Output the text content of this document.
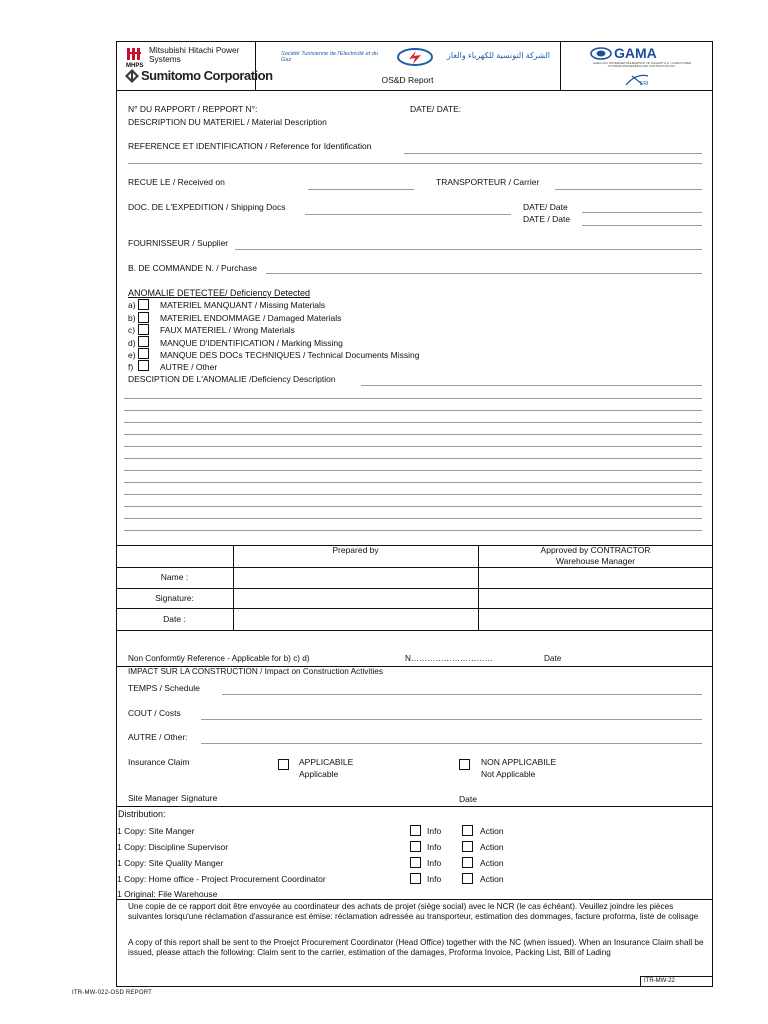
MHPS
Mitsubishi Hitachi Power Systems
Sumitomo Corporation
Société Tunisienne de l'Electricité et du Gaz
الشركة التونسية للكهرباء والغاز
OS&D Report
GAMA
GAMA GÜÇ SİSTEMLERİ MÜHENDİSLİK VE TAAHHÜT A.Ş. / GAMA POWER SYSTEMS ENGINEERING AND CONTRACTING INC.
ERI
N° DU RAPPORT / REPPORT N°:	DATE/ DATE:
DESCRIPTION DU MATERIEL / Material Description
REFERENCE ET IDENTIFICATION / Reference for Identification
RECUE LE / Received on	TRANSPORTEUR / Carrier
DOC. DE L'EXPEDITION / Shipping Docs	DATE/ Date
DATE / Date
FOURNISSEUR / Supplier
B. DE COMMANDE N. / Purchase
ANOMALIE DETECTEE/ Deficiency Detected
a)	MATERIEL MANQUANT / Missing Materials
b)	MATERIEL ENDOMMAGE / Damaged Materials
c)	FAUX MATERIEL / Wrong Materials
d)	MANQUE D'IDENTIFICATION / Marking Missing
e)	MANQUE DES DOCs TECHNIQUES / Technical Documents Missing
f)	AUTRE / Other
DESCIPTION DE L'ANOMALIE /Deficiency Description
Prepared by	Approved by CONTRACTOR
Warehouse Manager
Name :
Signature:
Date :
Non Conformtiy Reference - Applicable for b) c) d)	N…………………………	Date
IMPACT SUR LA CONSTRUCTION / Impact on Construction Activities
TEMPS / Schedule
COUT / Costs
AUTRE / Other:
Insurance Claim	APPLICABILE
Applicable
NON APPLICABILE
Not Applicable
Site Manager Signature	Date
Distribution:
1 Copy: Site Manger	Info	Action
1 Copy: Discipline Supervisor	Info	Action
1 Copy: Site Quality Manger	Info	Action
1 Copy: Home office - Project Procurement Coordinator	Info	Action
1 Original: File Warehouse
Une copie de ce rapport doit être envoyée au coordinateur des achats de projet (siège social) avec le NCR (le cas échéant). Veuillez joindre les pièces suivantes lorsqu'une réclamation d'assurance est émise: réclamation adressée au transporteur, estimation des dommages, facture proforma, liste de colisage
A copy of this report shall be sent to the Proejct Procurement Coordinator (Head Office) together with the NC (when issued). When an Insurance Claim shall be issued, please attach the following: Claim sent to the carrier, estimation of the damages, Proforma Invoice, Packing List, Bill of Lading
ITR-MW-22
ITR-MW-022-OSD REPORT
